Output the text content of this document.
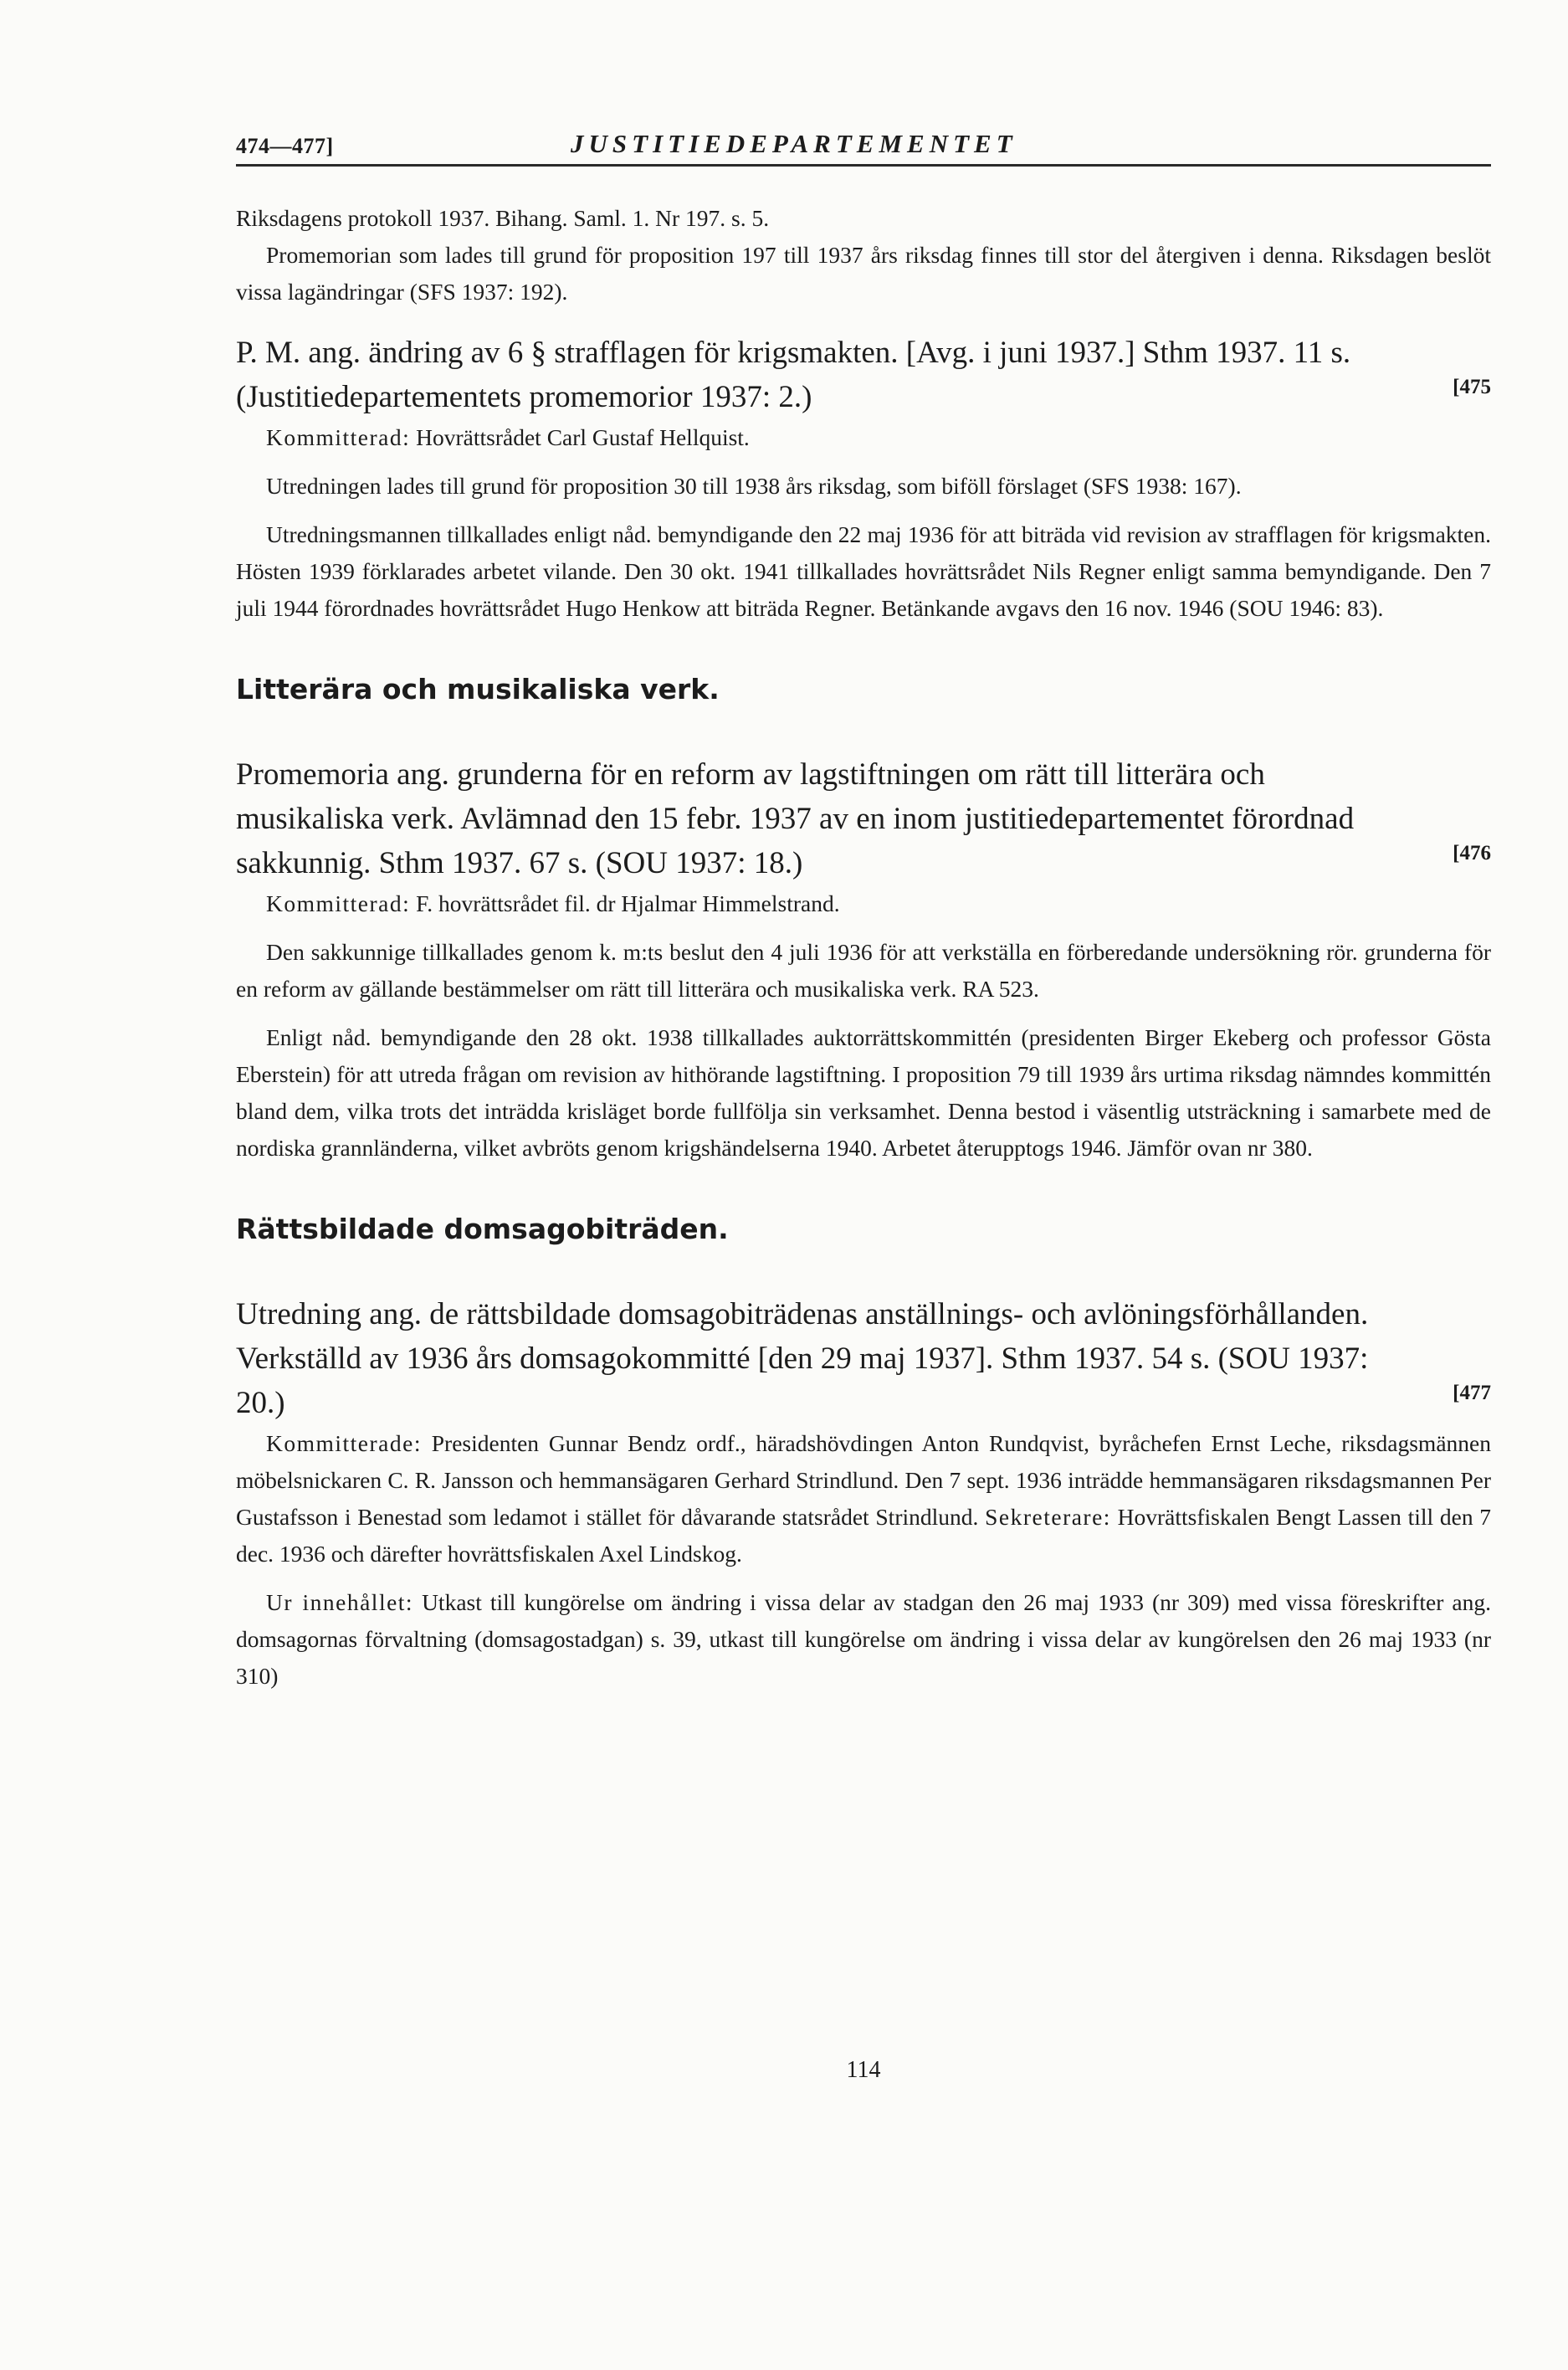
474—477]	JUSTITIEDEPARTEMENTET

Riksdagens protokoll 1937. Bihang. Saml. 1. Nr 197. s. 5.

Promemorian som lades till grund för proposition 197 till 1937 års riksdag finnes till stor del återgiven i denna. Riksdagen beslöt vissa lagändringar (SFS 1937: 192).

P. M. ang. ändring av 6 § strafflagen för krigsmakten. [Avg. i juni 1937.] Sthm 1937. 11 s. (Justitiedepartementets promemorior 1937: 2.)	[475

Kommitterad: Hovrättsrådet Carl Gustaf Hellquist.

Utredningen lades till grund för proposition 30 till 1938 års riksdag, som biföll förslaget (SFS 1938: 167).

Utredningsmannen tillkallades enligt nåd. bemyndigande den 22 maj 1936 för att biträda vid revision av strafflagen för krigsmakten. Hösten 1939 förklarades arbetet vilande. Den 30 okt. 1941 tillkallades hovrättsrådet Nils Regner enligt samma bemyndigande. Den 7 juli 1944 förordnades hovrättsrådet Hugo Henkow att biträda Regner. Betänkande avgavs den 16 nov. 1946 (SOU 1946: 83).

Litterära och musikaliska verk.

Promemoria ang. grunderna för en reform av lagstiftningen om rätt till litterära och musikaliska verk. Avlämnad den 15 febr. 1937 av en inom justitiedepartementet förordnad sakkunnig. Sthm 1937. 67 s. (SOU 1937: 18.)	[476

Kommitterad: F. hovrättsrådet fil. dr Hjalmar Himmelstrand.

Den sakkunnige tillkallades genom k. m:ts beslut den 4 juli 1936 för att verkställa en förberedande undersökning rör. grunderna för en reform av gällande bestämmelser om rätt till litterära och musikaliska verk. RA 523.

Enligt nåd. bemyndigande den 28 okt. 1938 tillkallades auktorrättskommittén (presidenten Birger Ekeberg och professor Gösta Eberstein) för att utreda frågan om revision av hithörande lagstiftning. I proposition 79 till 1939 års urtima riksdag nämndes kommittén bland dem, vilka trots det inträdda krisläget borde fullfölja sin verksamhet. Denna bestod i väsentlig utsträckning i samarbete med de nordiska grannländerna, vilket avbröts genom krigshändelserna 1940. Arbetet återupptogs 1946. Jämför ovan nr 380.

Rättsbildade domsagobiträden.

Utredning ang. de rättsbildade domsagobiträdenas anställnings- och avlöningsförhållanden. Verkställd av 1936 års domsagokommitté [den 29 maj 1937]. Sthm 1937. 54 s. (SOU 1937: 20.)	[477

Kommitterade: Presidenten Gunnar Bendz ordf., häradshövdingen Anton Rundqvist, byråchefen Ernst Leche, riksdagsmännen möbelsnickaren C. R. Jansson och hemmansägaren Gerhard Strindlund. Den 7 sept. 1936 inträdde hemmansägaren riksdagsmannen Per Gustafsson i Benestad som ledamot i stället för dåvarande statsrådet Strindlund. Sekreterare: Hovrättsfiskalen Bengt Lassen till den 7 dec. 1936 och därefter hovrättsfiskalen Axel Lindskog.

Ur innehållet: Utkast till kungörelse om ändring i vissa delar av stadgan den 26 maj 1933 (nr 309) med vissa föreskrifter ang. domsagornas förvaltning (domsagostadgan) s. 39, utkast till kungörelse om ändring i vissa delar av kungörelsen den 26 maj 1933 (nr 310)

114
